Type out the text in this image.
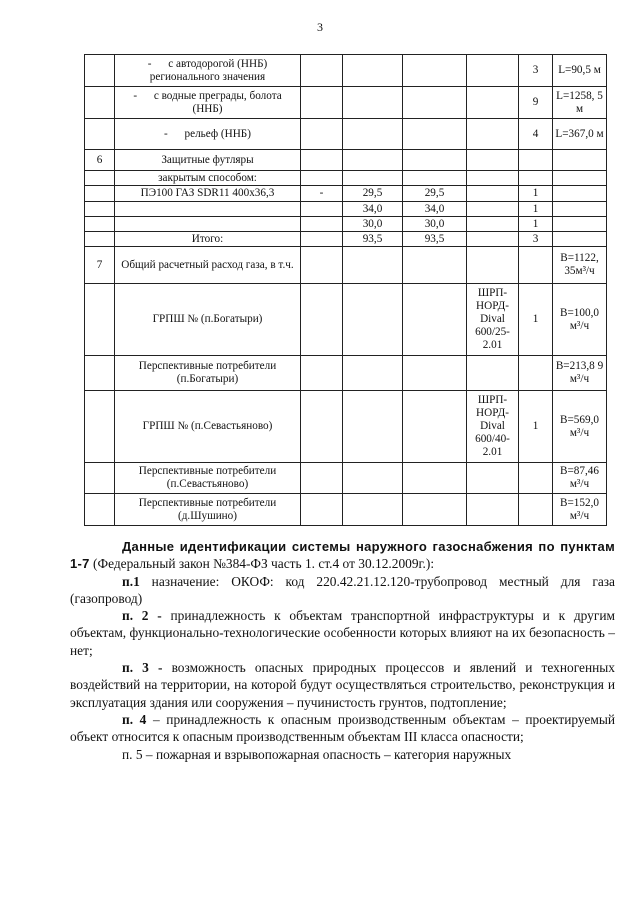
3
	- с автодорогой (ННБ) регионального значения					3	L=90,5 м
	- с водные преграды, болота (ННБ)					9	L=1258, 5 м
	- рельеф (ННБ)					4	L=367,0 м
6	Защитные футляры						
	закрытым способом:						
	ПЭ100 ГАЗ SDR11 400х36,3	-	29,5	29,5		1	
			34,0	34,0		1	
			30,0	30,0		1	
	Итого:		93,5	93,5		3	
7	Общий расчетный расход газа, в т.ч.						В=1122, 35м³/ч
	ГРПШ № (п.Богатыри)				ШРП-НОРД-Dival 600/25-2.01	1	В=100,0 м³/ч
	Перспективные потребители (п.Богатыри)						В=213,8 9 м³/ч
	ГРПШ № (п.Севастьяново)				ШРП-НОРД-Dival 600/40-2.01	1	В=569,0 м³/ч
	Перспективные потребители (п.Севастьяново)						В=87,46 м³/ч
	Перспективные потребители (д.Шушино)						В=152,0 м³/ч

Данные идентификации системы наружного газоснабжения по пунктам 1-7 (Федеральный закон №384-ФЗ часть 1. ст.4 от 30.12.2009г.):

п.1 назначение: ОКОФ: код 220.42.21.12.120-трубопровод местный для газа (газопровод)

п. 2 - принадлежность к объектам транспортной инфраструктуры и к другим объектам, функционально-технологические особенности которых влияют на их безопасность – нет;

п. 3 - возможность опасных природных процессов и явлений и техногенных воздействий на территории, на которой будут осуществляться строительство, реконструкция и эксплуатация здания или сооружения – пучинистость грунтов, подтопление;

п. 4 – принадлежность к опасным производственным объектам – проектируемый объект относится к опасным производственным объектам III класса опасности;

п. 5 – пожарная и взрывопожарная опасность – категория наружных
